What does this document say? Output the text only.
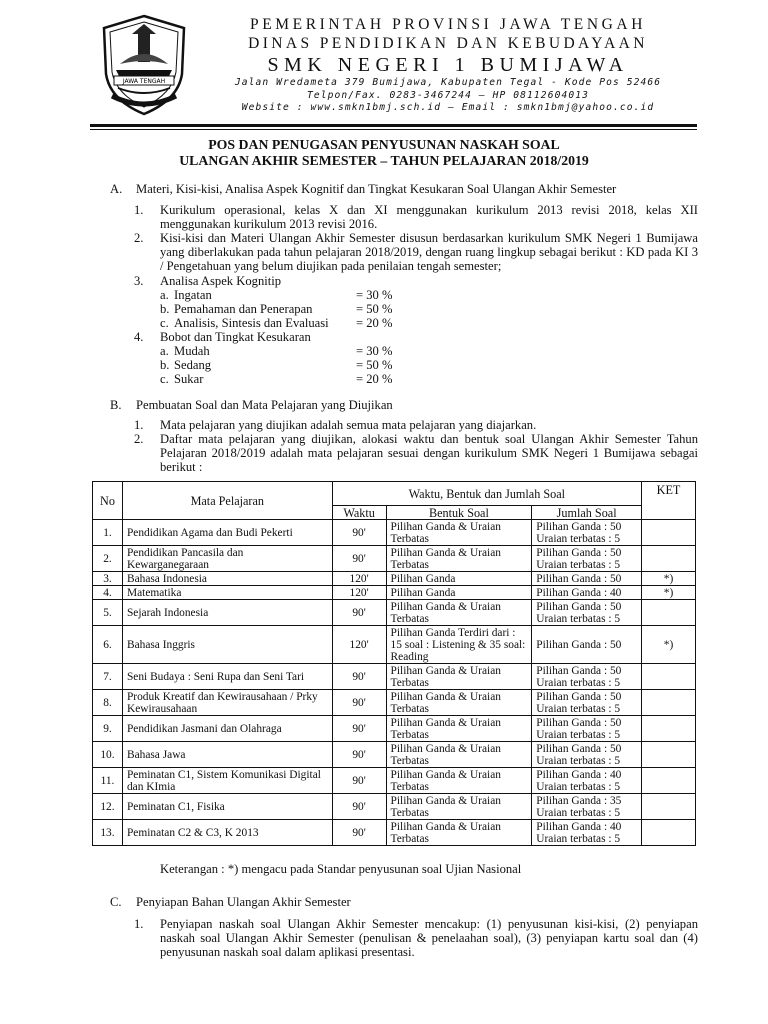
JAWA TENGAH
PEMERINTAH PROVINSI JAWA TENGAH
DINAS PENDIDIKAN DAN KEBUDAYAAN
SMK NEGERI 1 BUMIJAWA
Jalan Wredameta 379 Bumijawa, Kabupaten Tegal - Kode Pos 52466
Telpon/Fax. 0283-3467244 – HP 08112604013
Website : www.smkn1bmj.sch.id – Email : smkn1bmj@yahoo.co.id
POS DAN PENUGASAN PENYUSUNAN NASKAH SOAL
ULANGAN AKHIR SEMESTER – TAHUN PELAJARAN 2018/2019
A. Materi, Kisi-kisi, Analisa Aspek Kognitif dan Tingkat Kesukaran Soal Ulangan Akhir Semester
1. Kurikulum operasional, kelas X dan XI menggunakan kurikulum 2013 revisi 2018, kelas XII menggunakan kurikulum 2013 revisi 2016.
2. Kisi-kisi dan Materi Ulangan Akhir Semester disusun berdasarkan kurikulum SMK Negeri 1 Bumijawa yang diberlakukan pada tahun pelajaran 2018/2019, dengan ruang lingkup sebagai berikut : KD pada KI 3 / Pengetahuan yang belum diujikan pada penilaian tengah semester;
3. Analisa Aspek Kognitip
a. Ingatan	= 30 %
b. Pemahaman dan Penerapan	= 50 %
c. Analisis, Sintesis dan Evaluasi = 20 %
4. Bobot dan Tingkat Kesukaran
a. Mudah	= 30 %
b. Sedang	= 50 %
c. Sukar	= 20 %
B. Pembuatan Soal dan Mata Pelajaran yang Diujikan
1. Mata pelajaran yang diujikan adalah semua mata pelajaran yang diajarkan.
2. Daftar mata pelajaran yang diujikan, alokasi waktu dan bentuk soal Ulangan Akhir Semester Tahun Pelajaran 2018/2019 adalah mata pelajaran sesuai dengan kurikulum SMK Negeri 1 Bumijawa sebagai berikut :
No	Mata Pelajaran	Waktu, Bentuk dan Jumlah Soal			KET
		Waktu	Bentuk Soal	Jumlah Soal	
1.	Pendidikan Agama dan Budi Pekerti	90'	Pilihan Ganda & Uraian Terbatas	Pilihan Ganda : 50 Uraian terbatas : 5	
2.	Pendidikan Pancasila dan Kewarganegaraan	90'	Pilihan Ganda & Uraian Terbatas	Pilihan Ganda : 50 Uraian terbatas : 5	
3.	Bahasa Indonesia	120'	Pilihan Ganda	Pilihan Ganda : 50	*)
4.	Matematika	120'	Pilihan Ganda	Pilihan Ganda : 40	*)
5.	Sejarah Indonesia	90'	Pilihan Ganda & Uraian Terbatas	Pilihan Ganda : 50 Uraian terbatas : 5	
6.	Bahasa Inggris	120'	Pilihan Ganda Terdiri dari : 15 soal : Listening & 35 soal: Reading	Pilihan Ganda : 50	*)
7.	Seni Budaya : Seni Rupa dan Seni Tari	90'	Pilihan Ganda & Uraian Terbatas	Pilihan Ganda : 50 Uraian terbatas : 5	
8.	Produk Kreatif dan Kewirausahaan / Prky Kewirausahaan	90'	Pilihan Ganda & Uraian Terbatas	Pilihan Ganda : 50 Uraian terbatas : 5	
9.	Pendidikan Jasmani dan Olahraga	90'	Pilihan Ganda & Uraian Terbatas	Pilihan Ganda : 50 Uraian terbatas : 5	
10.	Bahasa Jawa	90'	Pilihan Ganda & Uraian Terbatas	Pilihan Ganda : 50 Uraian terbatas : 5	
11.	Peminatan C1, Sistem Komunikasi Digital dan KImia	90'	Pilihan Ganda & Uraian Terbatas	Pilihan Ganda : 40 Uraian terbatas : 5	
12.	Peminatan C1, Fisika	90'	Pilihan Ganda & Uraian Terbatas	Pilihan Ganda : 35 Uraian terbatas : 5	
13.	Peminatan C2 & C3, K 2013	90'	Pilihan Ganda & Uraian Terbatas	Pilihan Ganda : 40 Uraian terbatas : 5	
Keterangan : *) mengacu pada Standar penyusunan soal Ujian Nasional
C. Penyiapan Bahan Ulangan Akhir Semester
1. Penyiapan naskah soal Ulangan Akhir Semester mencakup: (1) penyusunan kisi-kisi, (2) penyiapan naskah soal Ulangan Akhir Semester (penulisan & penelaahan soal), (3) penyiapan kartu soal dan (4) penyusunan naskah soal dalam aplikasi presentasi.
